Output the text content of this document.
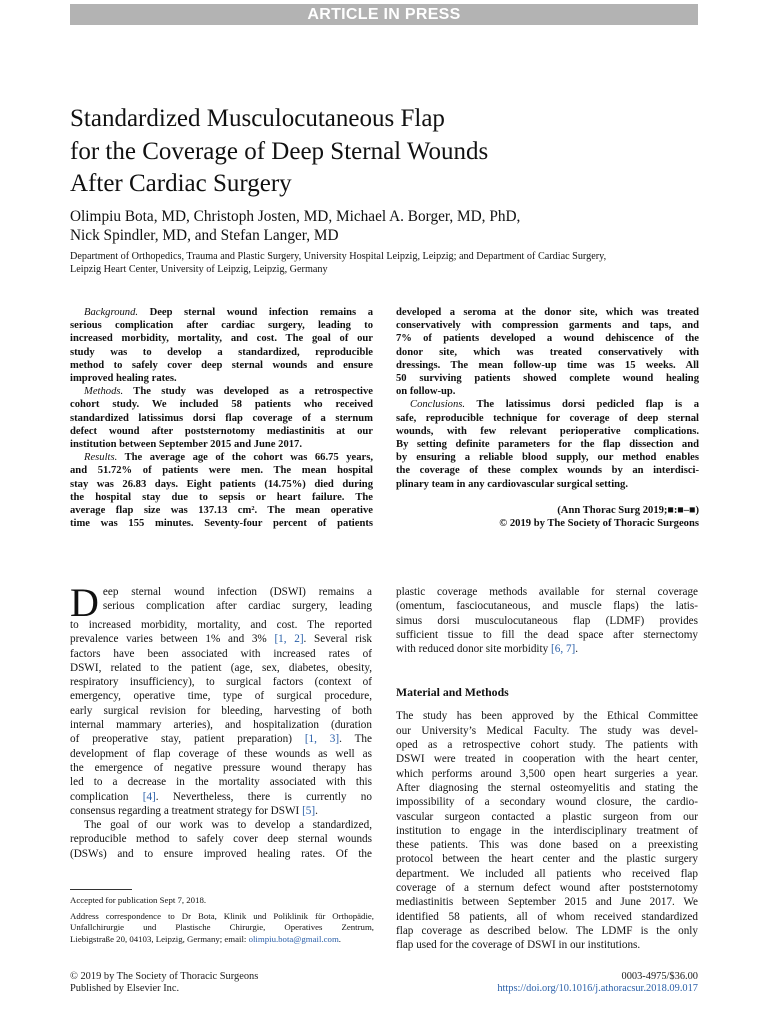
ARTICLE IN PRESS
Standardized Musculocutaneous Flap
for the Coverage of Deep Sternal Wounds
After Cardiac Surgery
Olimpiu Bota, MD, Christoph Josten, MD, Michael A. Borger, MD, PhD,
Nick Spindler, MD, and Stefan Langer, MD
Department of Orthopedics, Trauma and Plastic Surgery, University Hospital Leipzig, Leipzig; and Department of Cardiac Surgery,
Leipzig Heart Center, University of Leipzig, Leipzig, Germany
Background. Deep sternal wound infection remains a
serious complication after cardiac surgery, leading to
increased morbidity, mortality, and cost. The goal of our
study was to develop a standardized, reproducible
method to safely cover deep sternal wounds and ensure
improved healing rates.
Methods. The study was developed as a retrospective
cohort study. We included 58 patients who received
standardized latissimus dorsi flap coverage of a sternum
defect wound after poststernotomy mediastinitis at our
institution between September 2015 and June 2017.
Results. The average age of the cohort was 66.75 years,
and 51.72% of patients were men. The mean hospital
stay was 26.83 days. Eight patients (14.75%) died during
the hospital stay due to sepsis or heart failure. The
average flap size was 137.13 cm². The mean operative
time was 155 minutes. Seventy-four percent of patients
developed a seroma at the donor site, which was treated
conservatively with compression garments and taps, and
7% of patients developed a wound dehiscence of the
donor site, which was treated conservatively with
dressings. The mean follow-up time was 15 weeks. All
50 surviving patients showed complete wound healing
on follow-up.
Conclusions. The latissimus dorsi pedicled flap is a
safe, reproducible technique for coverage of deep sternal
wounds, with few relevant perioperative complications.
By setting definite parameters for the flap dissection and
by ensuring a reliable blood supply, our method enables
the coverage of these complex wounds by an interdisci-
plinary team in any cardiovascular surgical setting.
(Ann Thorac Surg 2019;■:■–■)
© 2019 by The Society of Thoracic Surgeons
D eep sternal wound infection (DSWI) remains a
serious complication after cardiac surgery, leading
to increased morbidity, mortality, and cost. The reported
prevalence varies between 1% and 3% [1, 2]. Several risk
factors have been associated with increased rates of
DSWI, related to the patient (age, sex, diabetes, obesity,
respiratory insufficiency), to surgical factors (context of
emergency, operative time, type of surgical procedure,
early surgical revision for bleeding, harvesting of both
internal mammary arteries), and hospitalization (duration
of preoperative stay, patient preparation) [1, 3]. The
development of flap coverage of these wounds as well as
the emergence of negative pressure wound therapy has
led to a decrease in the mortality associated with this
complication [4]. Nevertheless, there is currently no
consensus regarding a treatment strategy for DSWI [5].
The goal of our work was to develop a standardized,
reproducible method to safely cover deep sternal wounds
(DSWs) and to ensure improved healing rates. Of the
plastic coverage methods available for sternal coverage
(omentum, fasciocutaneous, and muscle flaps) the latis-
simus dorsi musculocutaneous flap (LDMF) provides
sufficient tissue to fill the dead space after sternectomy
with reduced donor site morbidity [6, 7].
Material and Methods
The study has been approved by the Ethical Committee
our University’s Medical Faculty. The study was devel-
oped as a retrospective cohort study. The patients with
DSWI were treated in cooperation with the heart center,
which performs around 3,500 open heart surgeries a year.
After diagnosing the sternal osteomyelitis and stating the
impossibility of a secondary wound closure, the cardio-
vascular surgeon contacted a plastic surgeon from our
institution to engage in the interdisciplinary treatment of
these patients. This was done based on a preexisting
protocol between the heart center and the plastic surgery
department. We included all patients who received flap
coverage of a sternum defect wound after poststernotomy
mediastinitis between September 2015 and June 2017. We
identified 58 patients, all of whom received standardized
flap coverage as described below. The LDMF is the only
flap used for the coverage of DSWI in our institutions.
Accepted for publication Sept 7, 2018.
Address correspondence to Dr Bota, Klinik und Poliklinik für Orthopädie,
Unfallchirurgie und Plastische Chirurgie, Operatives Zentrum,
Liebigstraße 20, 04103, Leipzig, Germany; email: olimpiu.bota@gmail.com.
© 2019 by The Society of Thoracic Surgeons
Published by Elsevier Inc.
0003-4975/$36.00
https://doi.org/10.1016/j.athoracsur.2018.09.017
